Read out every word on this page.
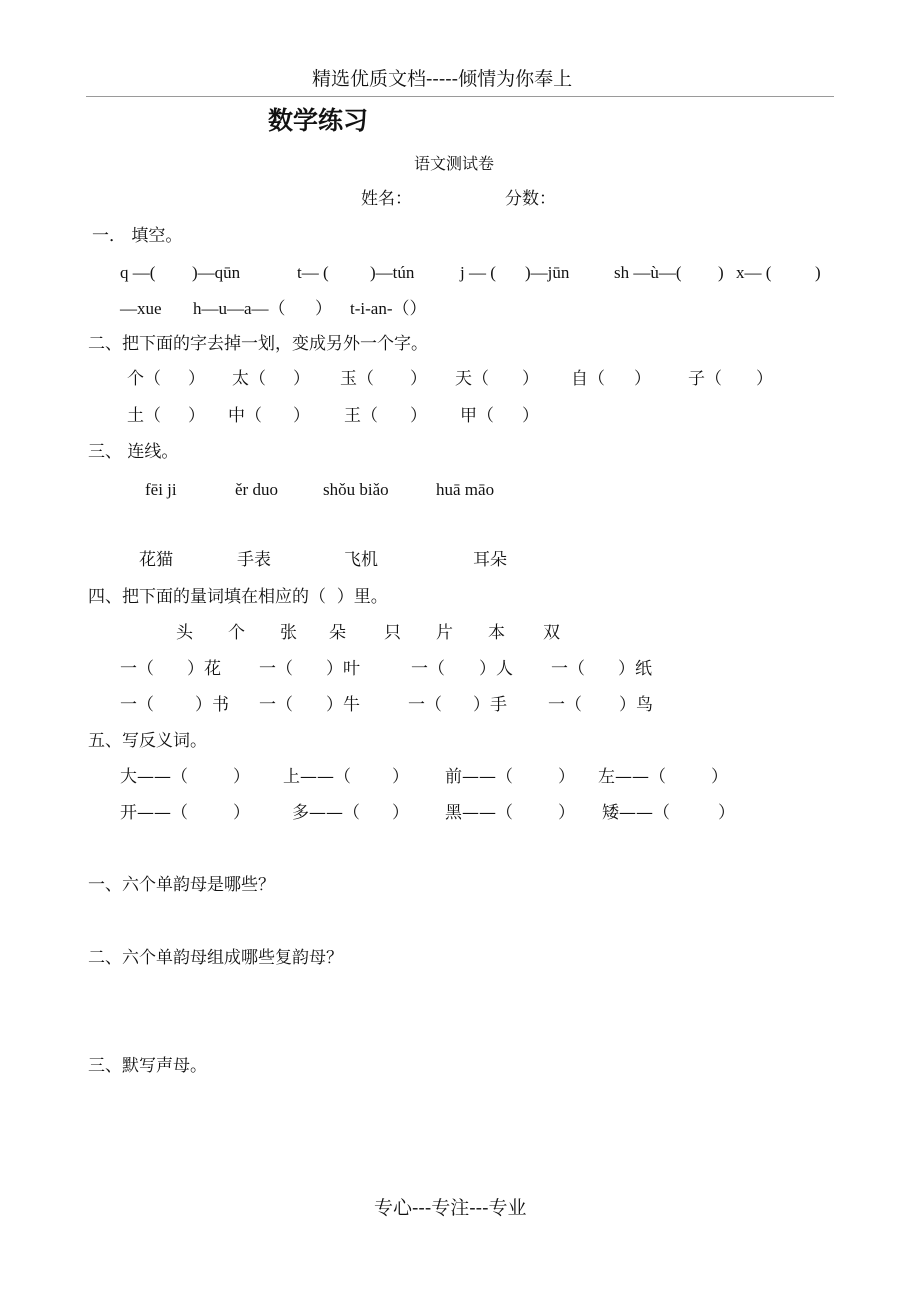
精选优质文档-----倾情为你奉上
数学练习
语文测试卷
姓名：	分数：
一． 填空。
q —( )—qūn	t— ( )—tún	j — ( )—jūn	sh —ù—( ) x— (	)
—xue h—u—a—（ ） t-i-an-（）
二、把下面的字去掉一划，变成另外一个字。
个（ ） 太（ ） 玉（ ） 天（ ） 自（ ） 子（ ）
土（ ） 中（ ） 王（ ） 甲（ ）
三、 连线。
fēi ji	ěr duo	shǒu biǎo	huā māo
花猫	手表	飞机	耳朵
四、把下面的量词填在相应的（  ）里。
头 个 张 朵 只 片 本 双
一（ ）花 一（ ）叶	一（ ）人 一（ ）纸
一（ ）书 一（ ）牛	一（ ）手 一（ ）鸟
五、写反义词。
大——（	） 上——（ ） 前——（	） 左——（	）
开——（	） 多——（ ） 黑——（	） 矮——（	）
一、六个单韵母是哪些？
二、六个单韵母组成哪些复韵母？
三、默写声母。
专心---专注---专业
